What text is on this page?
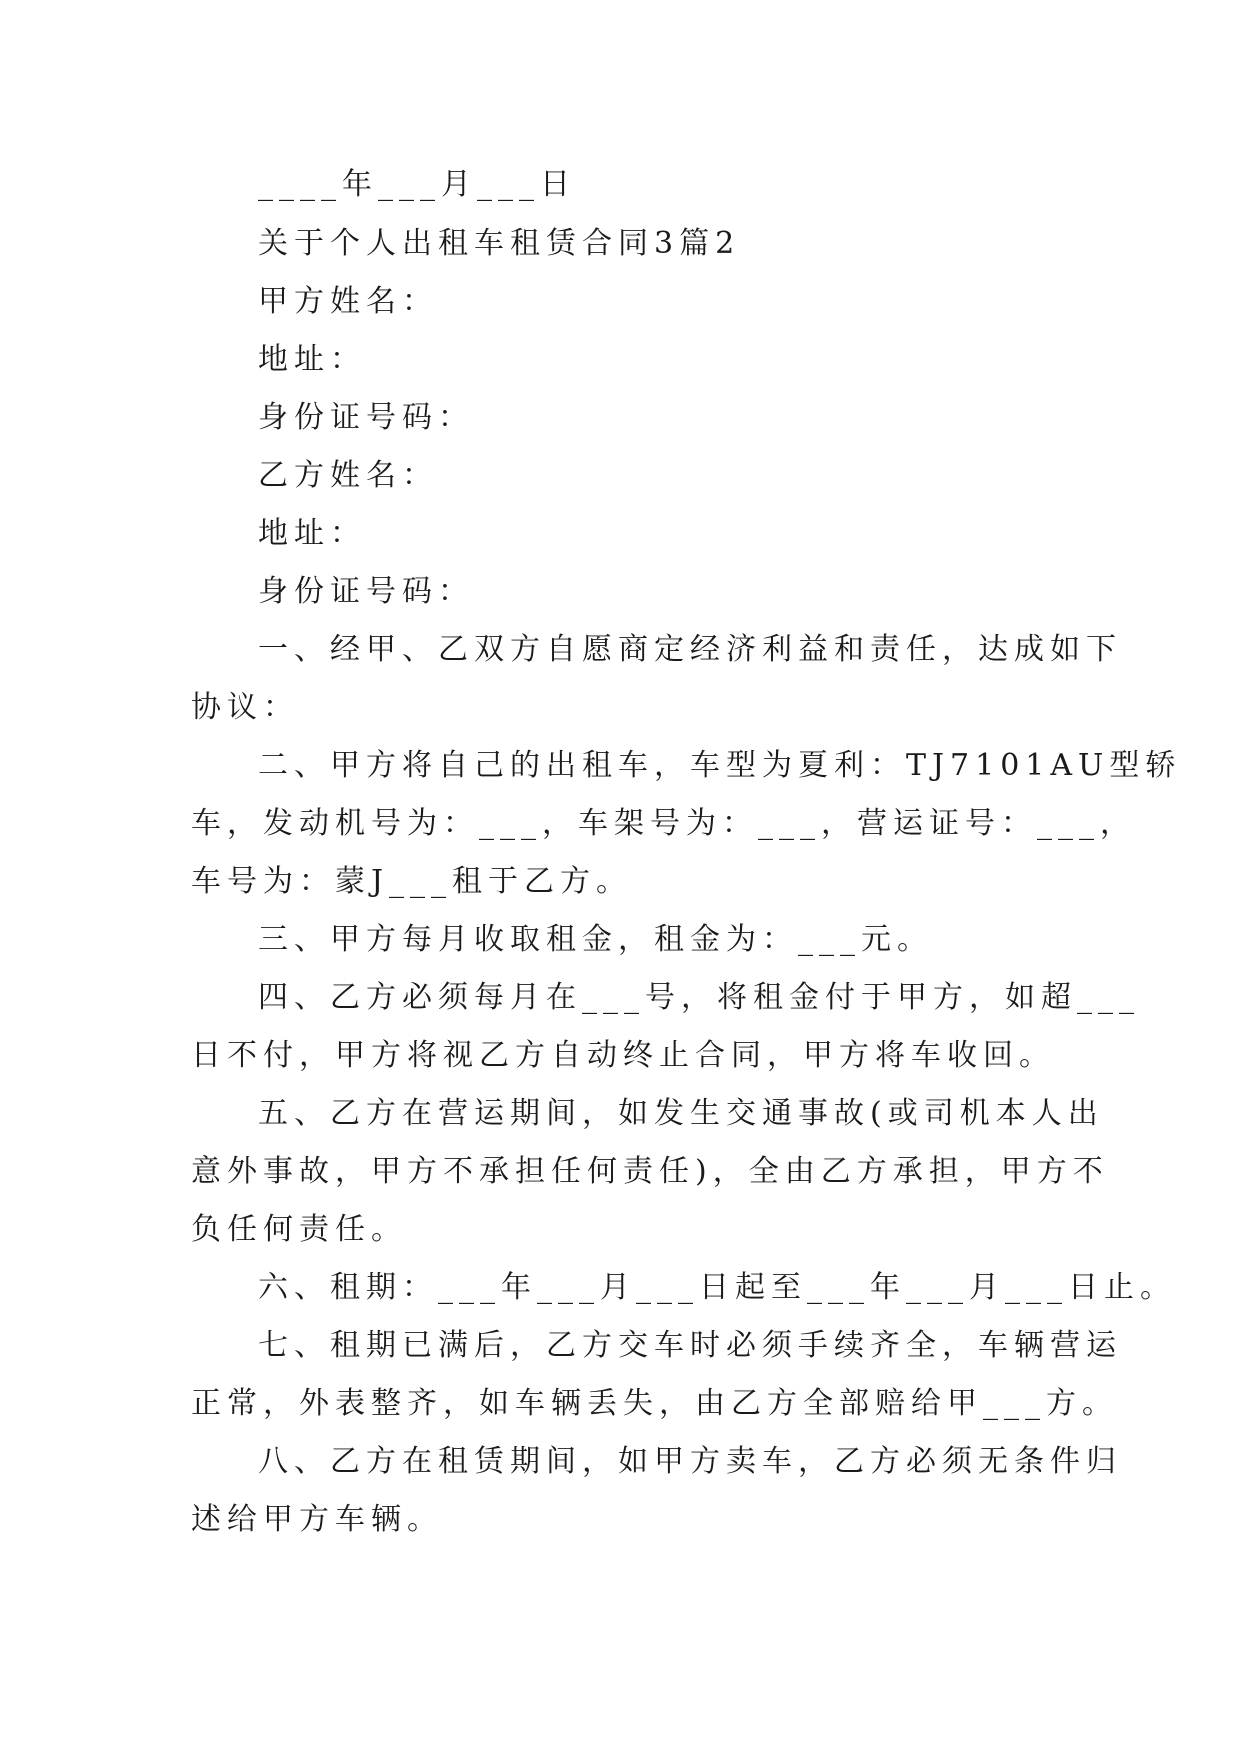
____年___月___日
关于个人出租车租赁合同3篇2
甲方姓名：
地址：
身份证号码：
乙方姓名：
地址：
身份证号码：
一、经甲、乙双方自愿商定经济利益和责任，达成如下
协议：
二、甲方将自己的出租车，车型为夏利：TJ7101AU型轿
车，发动机号为：___，车架号为：___，营运证号：___，
车号为：蒙J___租于乙方。
三、甲方每月收取租金，租金为：___元。
四、乙方必须每月在___号，将租金付于甲方，如超___
日不付，甲方将视乙方自动终止合同，甲方将车收回。
五、乙方在营运期间，如发生交通事故(或司机本人出
意外事故，甲方不承担任何责任)，全由乙方承担，甲方不
负任何责任。
六、租期：___年___月___日起至___年___月___日止。
七、租期已满后，乙方交车时必须手续齐全，车辆营运
正常，外表整齐，如车辆丢失，由乙方全部赔给甲___方。
八、乙方在租赁期间，如甲方卖车，乙方必须无条件归
述给甲方车辆。
